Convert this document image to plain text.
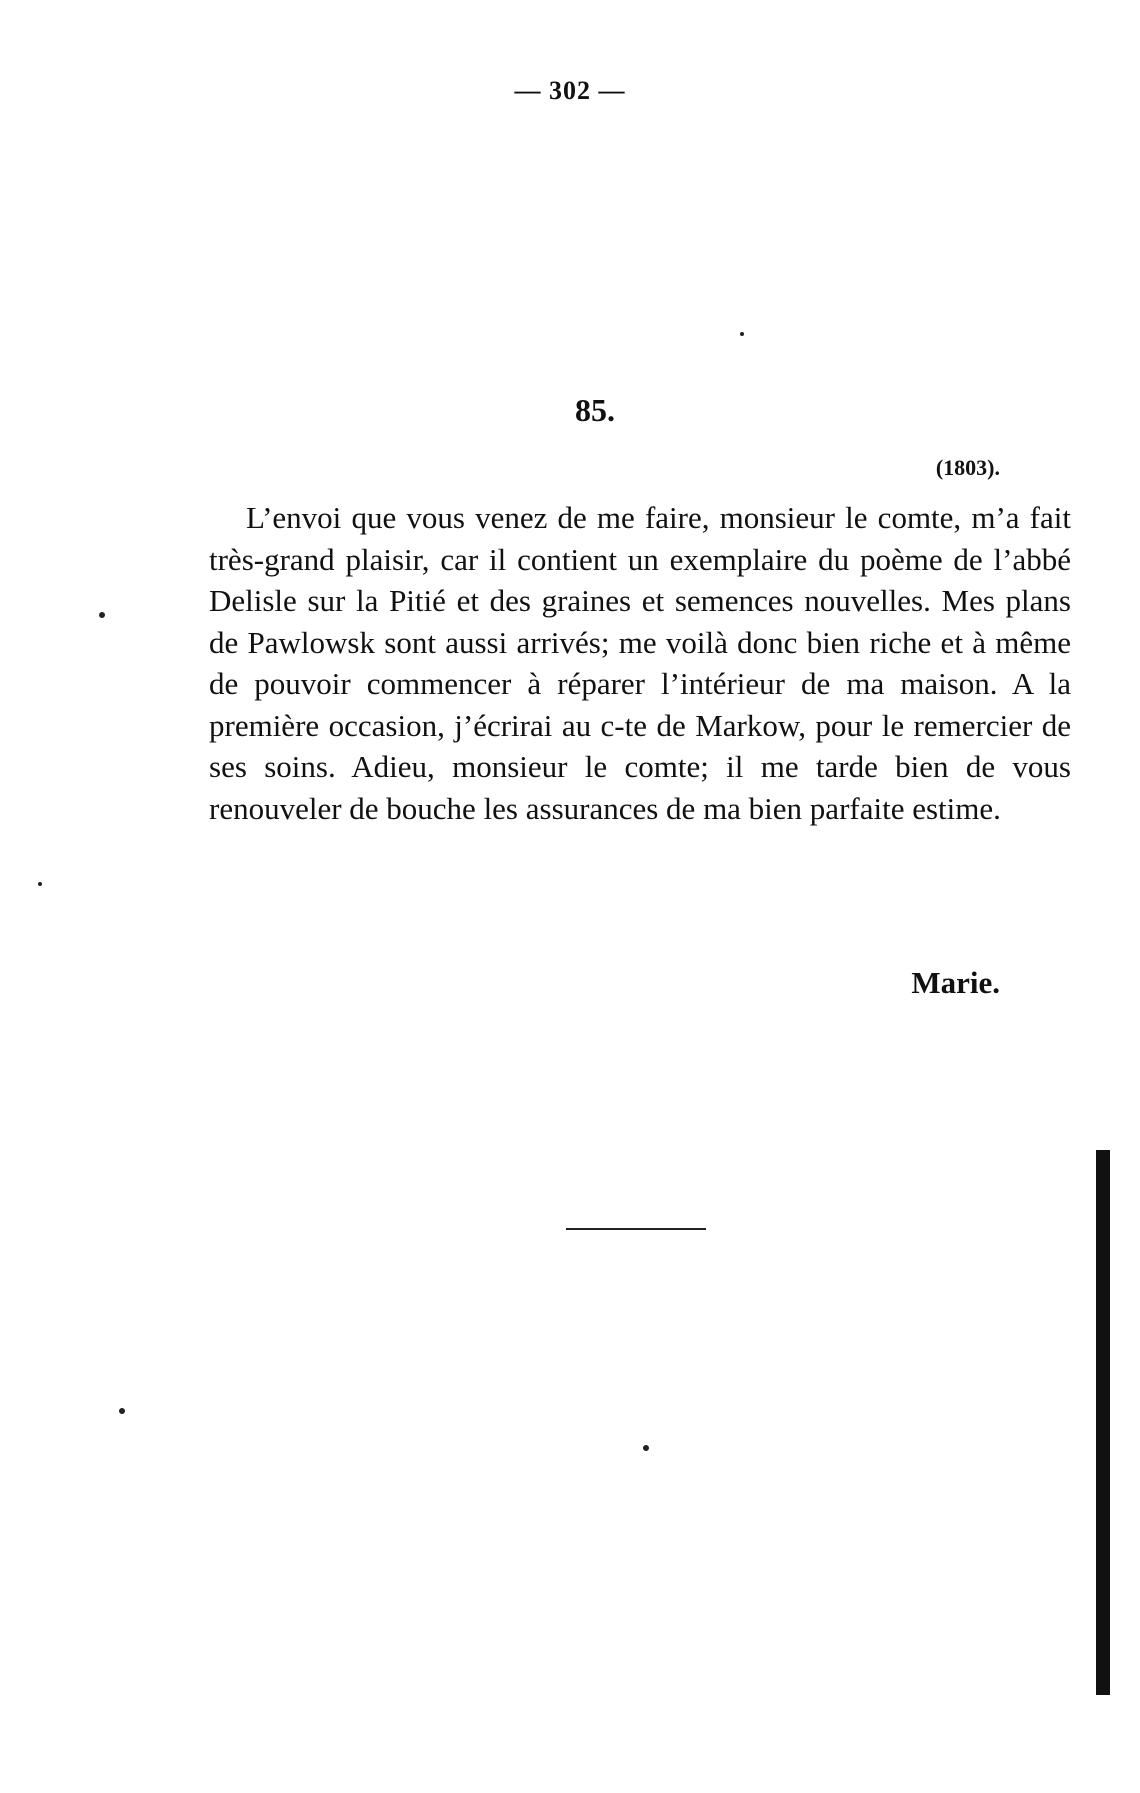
— 302 —
85.
(1803).

L’envoi que vous venez de me faire, monsieur le comte, m’a fait très-grand plaisir, car il contient un exemplaire du poème de l’abbé Delisle sur la Pitié et des graines et semences nouvelles. Mes plans de Pawlowsk sont aussi arrivés; me voilà donc bien riche et à même de pouvoir commencer à réparer l’intérieur de ma maison. A la première occasion, j’écrirai au c-te de Markow, pour le remercier de ses soins. Adieu, monsieur le comte; il me tarde bien de vous renouveler de bouche les assurances de ma bien parfaite estime.

Marie.
